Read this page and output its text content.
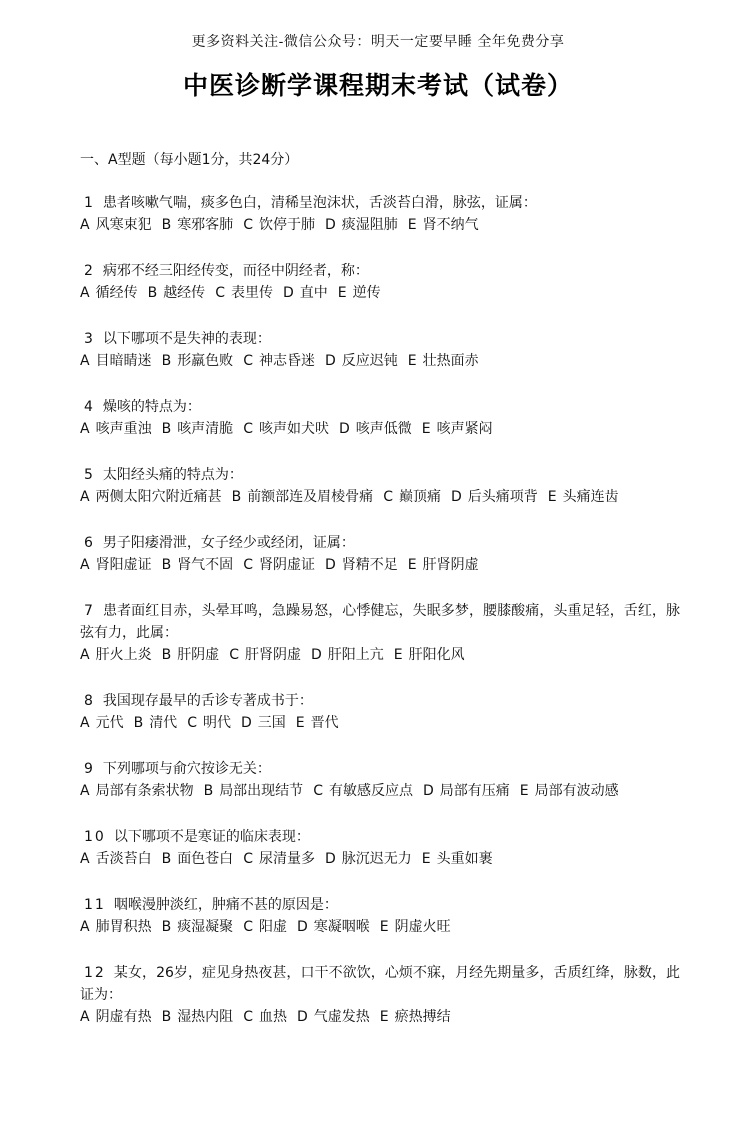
更多资料关注-微信公众号：明天一定要早睡 全年免费分享
中医诊断学课程期末考试（试卷）
一、A型题（每小题1分，共24分）
1 患者咳嗽气喘，痰多色白，清稀呈泡沫状，舌淡苔白滑，脉弦，证属：
A 风寒束犯 B 寒邪客肺 C 饮停于肺 D 痰湿阻肺 E 肾不纳气
2 病邪不经三阳经传变，而径中阴经者，称：
A 循经传 B 越经传 C 表里传 D 直中 E 逆传
3 以下哪项不是失神的表现：
A 目暗睛迷 B 形羸色败 C 神志昏迷 D 反应迟钝 E 壮热面赤
4 燥咳的特点为：
A 咳声重浊 B 咳声清脆 C 咳声如犬吠 D 咳声低微 E 咳声紧闷
5 太阳经头痛的特点为：
A 两侧太阳穴附近痛甚 B 前额部连及眉棱骨痛 C 巅顶痛 D 后头痛项背 E 头痛连齿
6 男子阳痿滑泄，女子经少或经闭，证属：
A 肾阳虚证 B 肾气不固 C 肾阴虚证 D 肾精不足 E 肝肾阴虚
7 患者面红目赤，头晕耳鸣，急躁易怒，心悸健忘，失眠多梦，腰膝酸痛，头重足轻，舌红，脉弦有力，此属：
A 肝火上炎 B 肝阴虚 C 肝肾阴虚 D 肝阳上亢 E 肝阳化风
8 我国现存最早的舌诊专著成书于：
A 元代 B 清代 C 明代 D 三国 E 晋代
9 下列哪项与俞穴按诊无关：
A 局部有条索状物 B 局部出现结节 C 有敏感反应点 D 局部有压痛 E 局部有波动感
10 以下哪项不是寒证的临床表现：
A 舌淡苔白 B 面色苍白 C 尿清量多 D 脉沉迟无力 E 头重如裹
11 咽喉漫肿淡红，肿痛不甚的原因是：
A 肺胃积热 B 痰湿凝聚 C 阳虚 D 寒凝咽喉 E 阴虚火旺
12 某女，26岁，症见身热夜甚，口干不欲饮，心烦不寐，月经先期量多，舌质红绛，脉数，此证为：
A 阴虚有热 B 湿热内阻 C 血热 D 气虚发热 E 瘀热搏结
